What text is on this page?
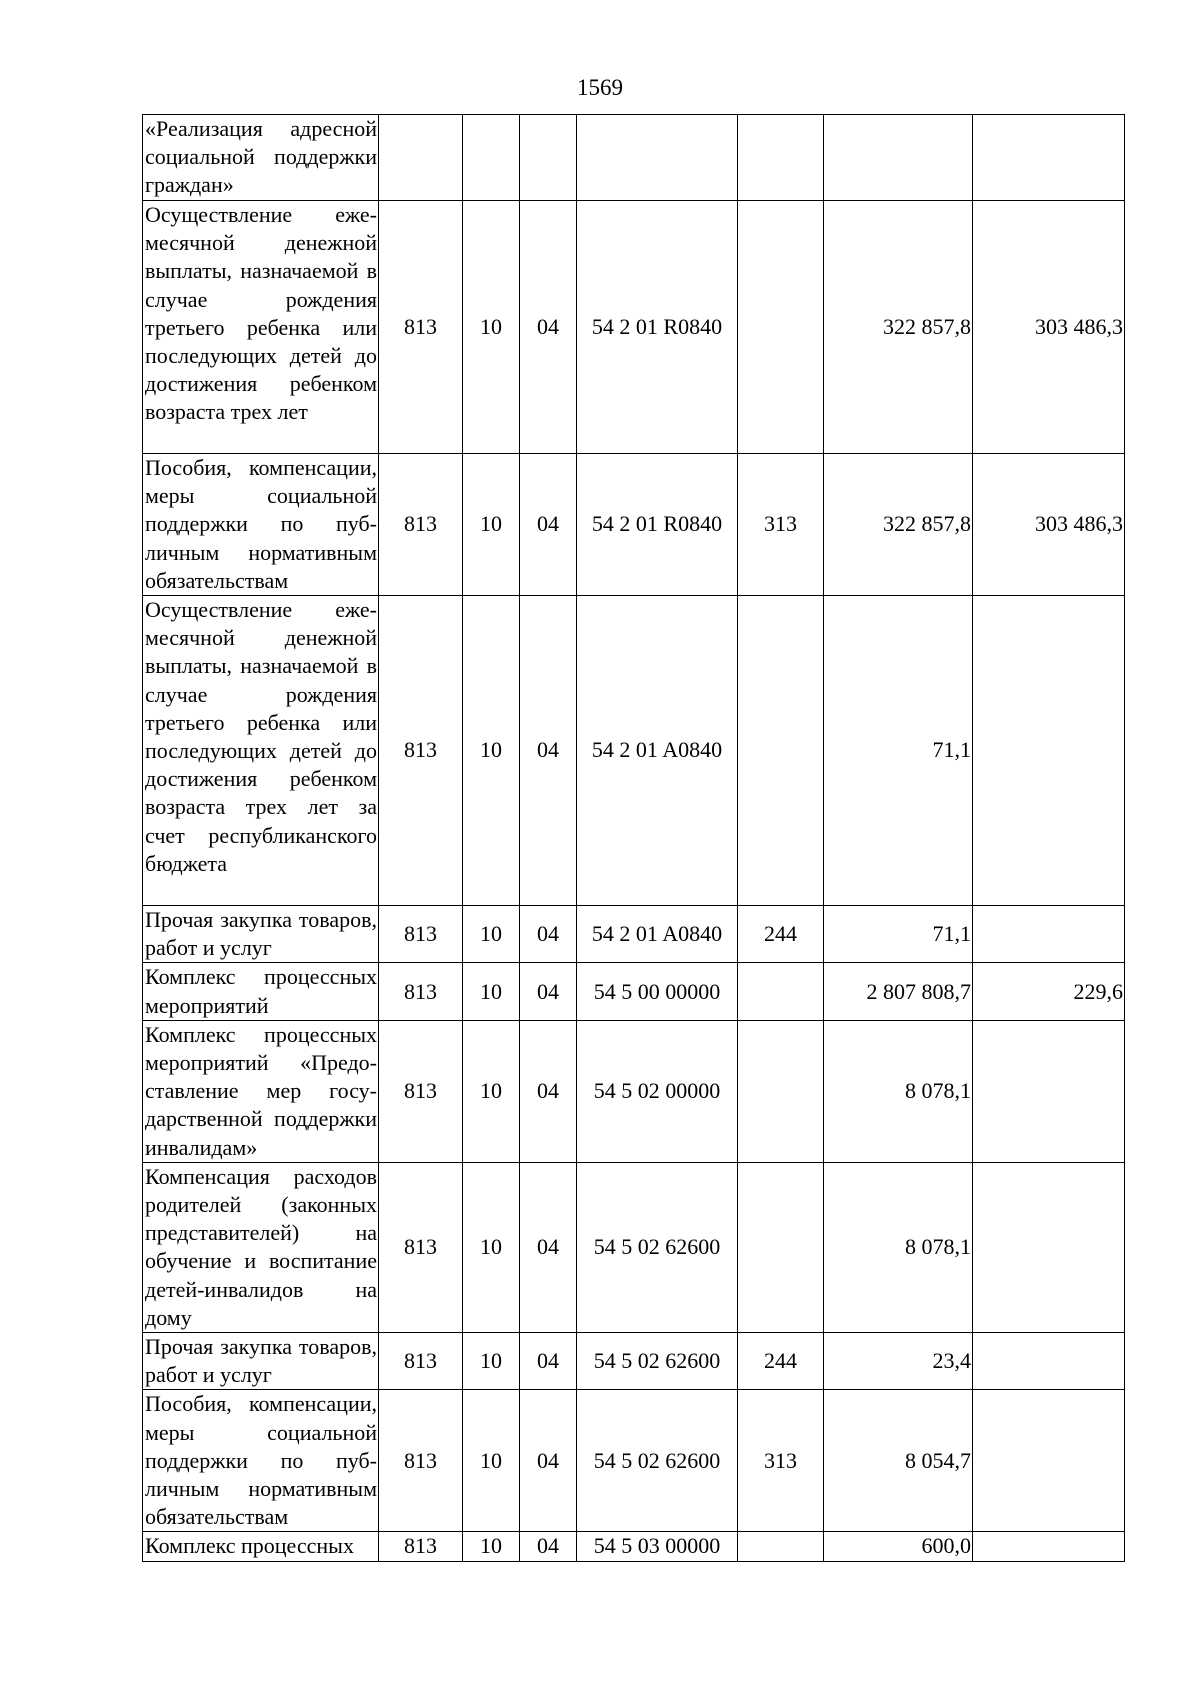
1569
«Реализация адресной социальной поддержки граждан»							
Осуществление ежемесячной денежной выплаты, назначаемой в случае рождения третьего ребенка или последующих детей до достижения ребенком возраста трех лет	813	10	04	54 2 01 R0840		322 857,8	303 486,3
Пособия, компенсации, меры социальной поддержки по публичным нормативным обязательствам	813	10	04	54 2 01 R0840	313	322 857,8	303 486,3
Осуществление ежемесячной денежной выплаты, назначаемой в случае рождения третьего ребенка или последующих детей до достижения ребенком возраста трех лет за счет республиканского бюджета	813	10	04	54 2 01 A0840		71,1	
Прочая закупка товаров, работ и услуг	813	10	04	54 2 01 A0840	244	71,1	
Комплекс процессных мероприятий	813	10	04	54 5 00 00000		2 807 808,7	229,6
Комплекс процессных мероприятий «Предоставление мер государственной поддержки инвалидам»	813	10	04	54 5 02 00000		8 078,1	
Компенсация расходов родителей (законных представителей) на обучение и воспитание детей-инвалидов на дому	813	10	04	54 5 02 62600		8 078,1	
Прочая закупка товаров, работ и услуг	813	10	04	54 5 02 62600	244	23,4	
Пособия, компенсации, меры социальной поддержки по публичным нормативным обязательствам	813	10	04	54 5 02 62600	313	8 054,7	
Комплекс процессных	813	10	04	54 5 03 00000		600,0	
